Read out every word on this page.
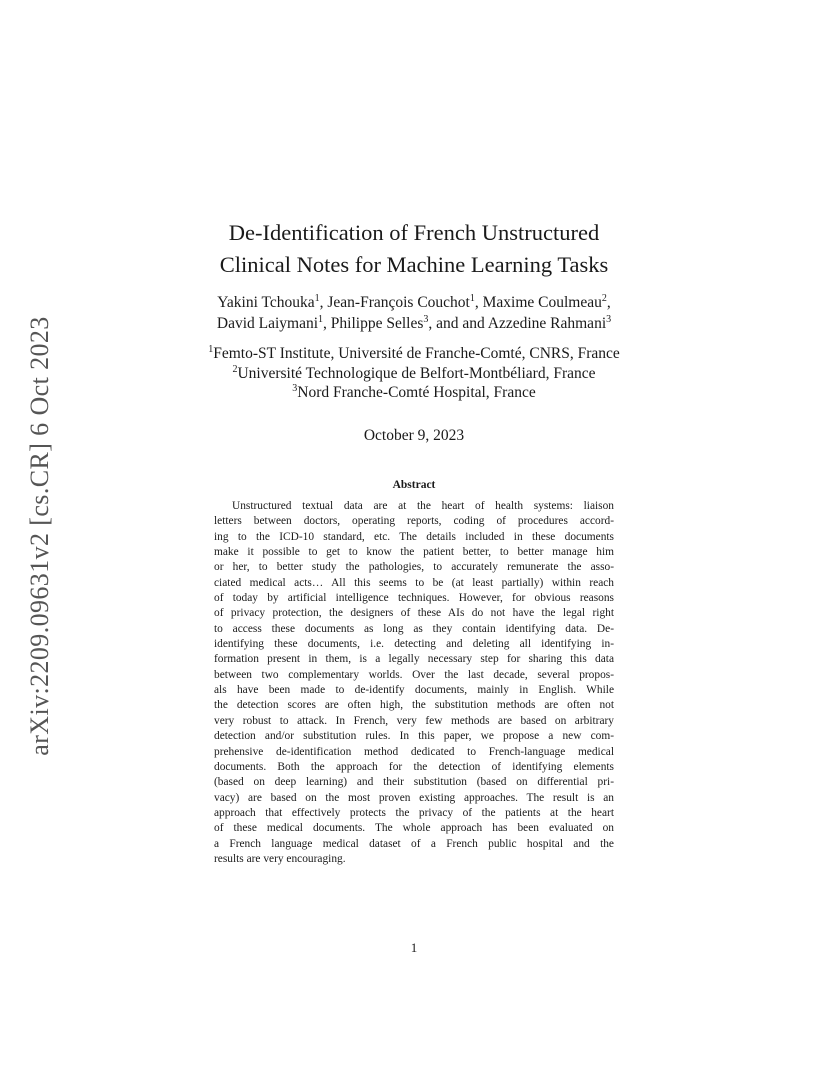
arXiv:2209.09631v2 [cs.CR] 6 Oct 2023
De-Identification of French Unstructured
Clinical Notes for Machine Learning Tasks
Yakini Tchouka$^1$, Jean-François Couchot$^1$, Maxime Coulmeau$^2$,
David Laiymani$^1$, Philippe Selles$^3$, and and Azzedine Rahmani$^3$
$^1$Femto-ST Institute, Université de Franche-Comté, CNRS, France
$^2$Université Technologique de Belfort-Montbéliard, France
$^3$Nord Franche-Comté Hospital, France
October 9, 2023
Abstract
Unstructured textual data are at the heart of health systems: liaison
letters between doctors, operating reports, coding of procedures accord-
ing to the ICD-10 standard, etc. The details included in these documents
make it possible to get to know the patient better, to better manage him
or her, to better study the pathologies, to accurately remunerate the asso-
ciated medical acts… All this seems to be (at least partially) within reach
of today by artificial intelligence techniques. However, for obvious reasons
of privacy protection, the designers of these AIs do not have the legal right
to access these documents as long as they contain identifying data. De-
identifying these documents, i.e. detecting and deleting all identifying in-
formation present in them, is a legally necessary step for sharing this data
between two complementary worlds. Over the last decade, several propos-
als have been made to de-identify documents, mainly in English. While
the detection scores are often high, the substitution methods are often not
very robust to attack. In French, very few methods are based on arbitrary
detection and/or substitution rules. In this paper, we propose a new com-
prehensive de-identification method dedicated to French-language medical
documents. Both the approach for the detection of identifying elements
(based on deep learning) and their substitution (based on differential pri-
vacy) are based on the most proven existing approaches. The result is an
approach that effectively protects the privacy of the patients at the heart
of these medical documents. The whole approach has been evaluated on
a French language medical dataset of a French public hospital and the
results are very encouraging.
1
